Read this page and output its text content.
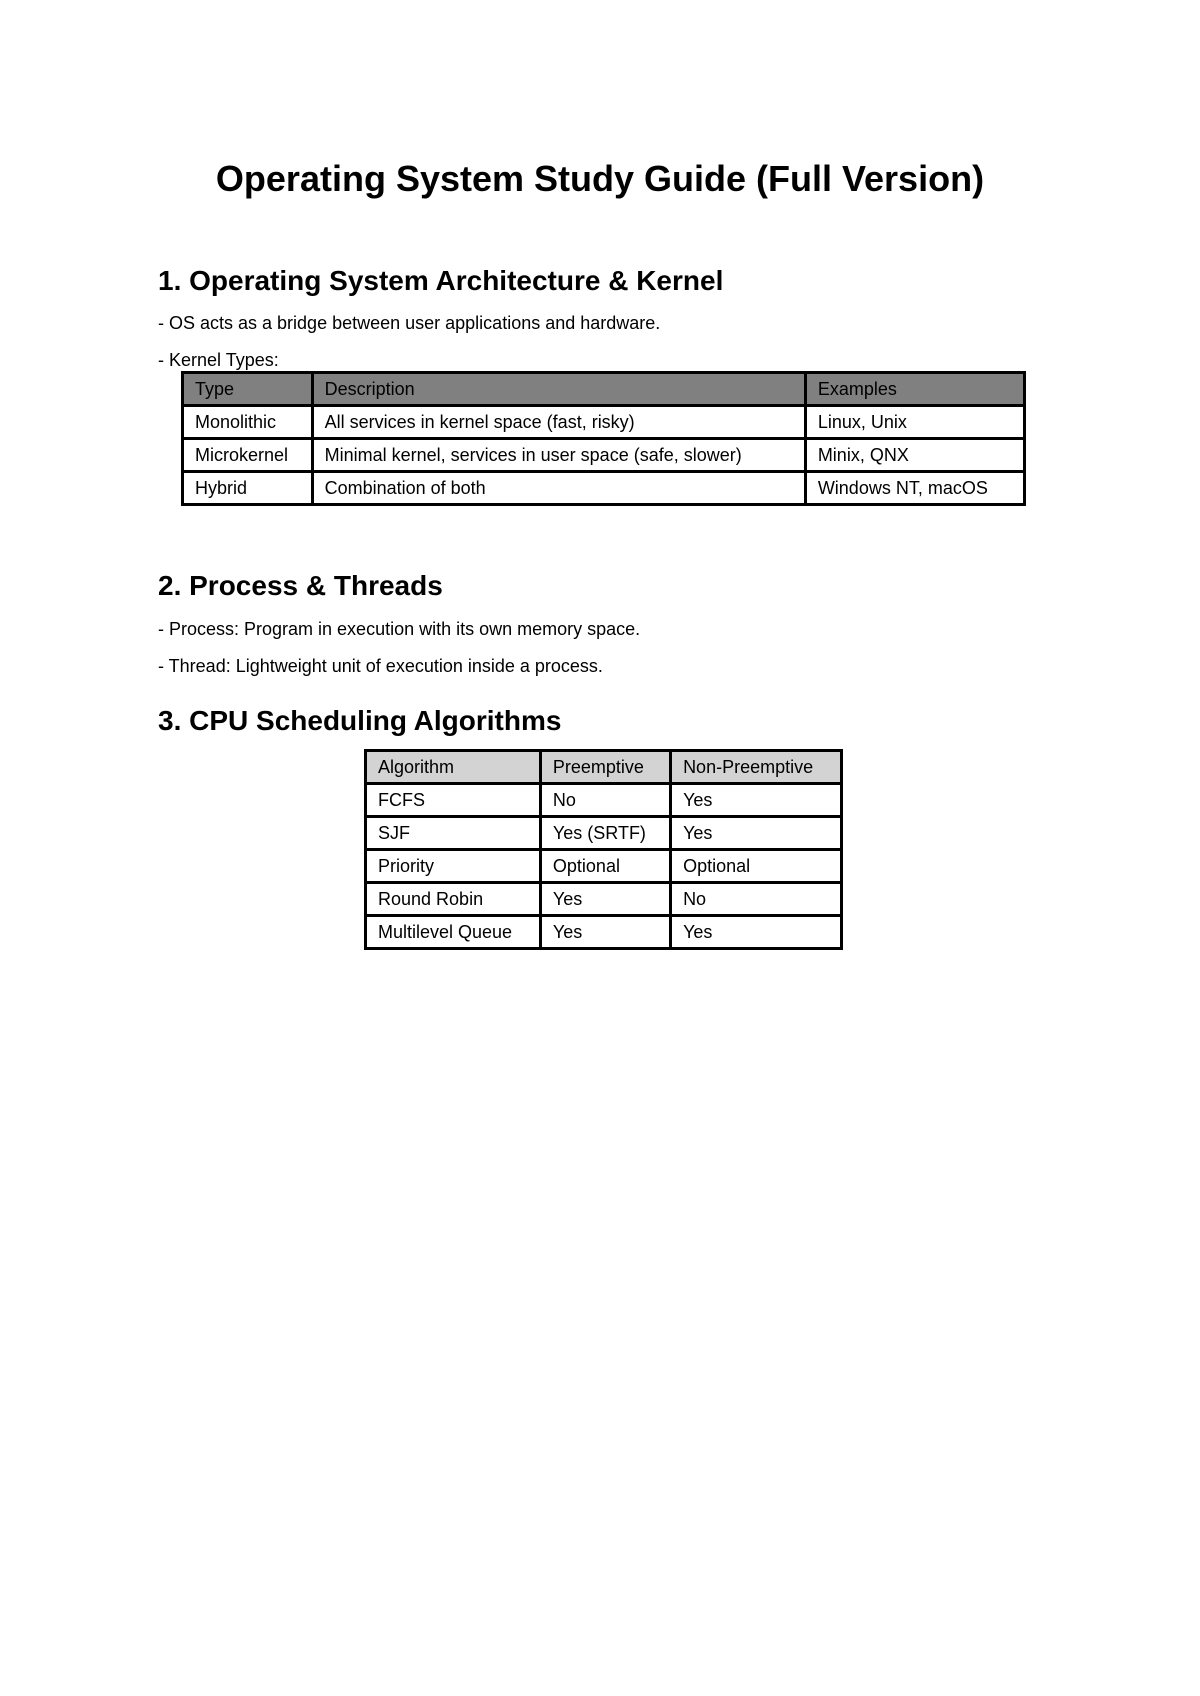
Operating System Study Guide (Full Version)
1. Operating System Architecture & Kernel

- OS acts as a bridge between user applications and hardware.

- Kernel Types:

Type	Description	Examples
Monolithic	All services in kernel space (fast, risky)	Linux, Unix
Microkernel	Minimal kernel, services in user space (safe, slower)	Minix, QNX
Hybrid	Combination of both	Windows NT, macOS
2. Process & Threads

- Process: Program in execution with its own memory space.

- Thread: Lightweight unit of execution inside a process.

3. CPU Scheduling Algorithms
Algorithm	Preemptive	Non-Preemptive
FCFS	No	Yes
SJF	Yes (SRTF)	Yes
Priority	Optional	Optional
Round Robin	Yes	No
Multilevel Queue	Yes	Yes
